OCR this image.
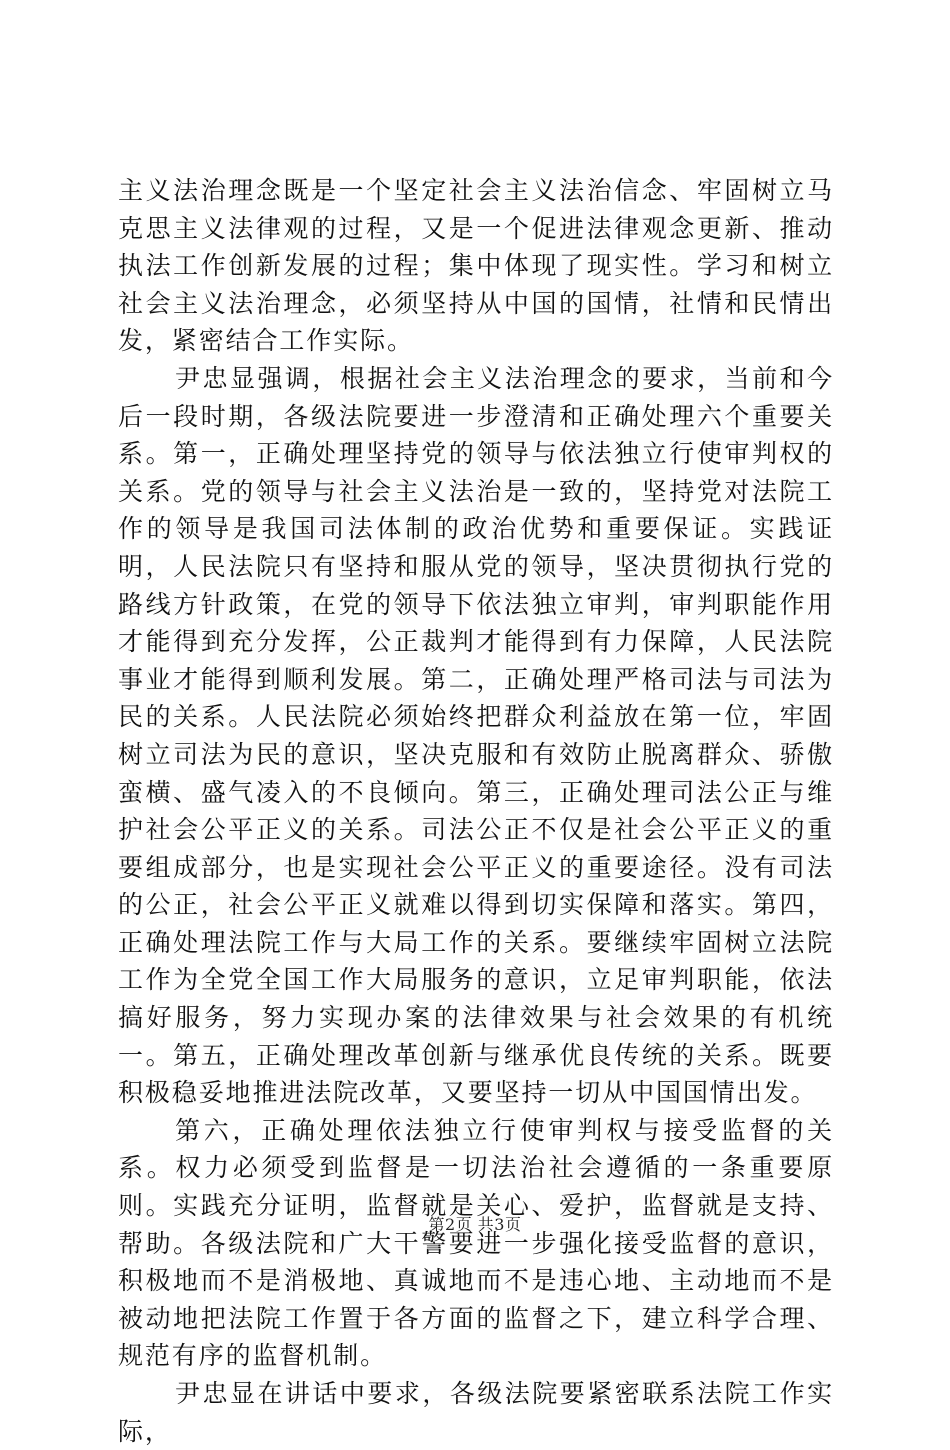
主义法治理念既是一个坚定社会主义法治信念、牢固树立马克思主义法律观的过程，又是一个促进法律观念更新、推动执法工作创新发展的过程；集中体现了现实性。学习和树立社会主义法治理念，必须坚持从中国的国情，社情和民情出发，紧密结合工作实际。

尹忠显强调，根据社会主义法治理念的要求，当前和今后一段时期，各级法院要进一步澄清和正确处理六个重要关系。第一，正确处理坚持党的领导与依法独立行使审判权的关系。党的领导与社会主义法治是一致的，坚持党对法院工作的领导是我国司法体制的政治优势和重要保证。实践证明，人民法院只有坚持和服从党的领导，坚决贯彻执行党的路线方针政策，在党的领导下依法独立审判，审判职能作用才能得到充分发挥，公正裁判才能得到有力保障，人民法院事业才能得到顺利发展。第二，正确处理严格司法与司法为民的关系。人民法院必须始终把群众利益放在第一位，牢固树立司法为民的意识，坚决克服和有效防止脱离群众、骄傲蛮横、盛气凌入的不良倾向。第三，正确处理司法公正与维护社会公平正义的关系。司法公正不仅是社会公平正义的重要组成部分，也是实现社会公平正义的重要途径。没有司法的公正，社会公平正义就难以得到切实保障和落实。第四，正确处理法院工作与大局工作的关系。要继续牢固树立法院工作为全党全国工作大局服务的意识，立足审判职能，依法搞好服务，努力实现办案的法律效果与社会效果的有机统一。第五，正确处理改革创新与继承优良传统的关系。既要积极稳妥地推进法院改革，又要坚持一切从中国国情出发。

第六，正确处理依法独立行使审判权与接受监督的关系。权力必须受到监督是一切法治社会遵循的一条重要原则。实践充分证明，监督就是关心、爱护，监督就是支持、帮助。各级法院和广大干警要进一步强化接受监督的意识，积极地而不是消极地、真诚地而不是违心地、主动地而不是被动地把法院工作置于各方面的监督之下，建立科学合理、规范有序的监督机制。

尹忠显在讲话中要求，各级法院要紧密联系法院工作实际，

第2页 共3页
